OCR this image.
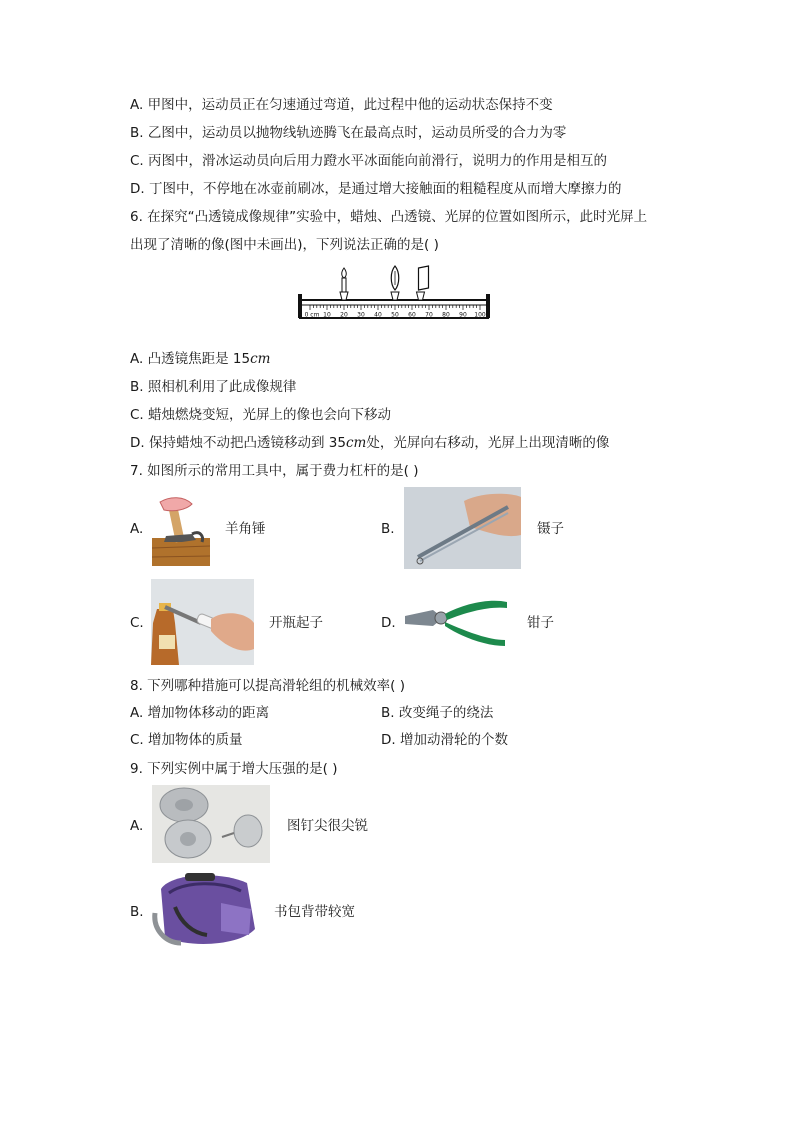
A. 甲图中，运动员正在匀速通过弯道，此过程中他的运动状态保持不变
B. 乙图中，运动员以抛物线轨迹腾飞在最高点时，运动员所受的合力为零
C. 丙图中，滑冰运动员向后用力蹬水平冰面能向前滑行，说明力的作用是相互的
D. 丁图中，不停地在冰壶前刷冰，是通过增大接触面的粗糙程度从而增大摩擦力的
6. 在探究“凸透镜成像规律”实验中，蜡烛、凸透镜、光屏的位置如图所示，此时光屏上
出现了清晰的像(图中未画出)，下列说法正确的是( )
0 cm 10 20 30 40 50 60 70 80 90 100
A. 凸透镜焦距是 15cm
B. 照相机利用了此成像规律
C. 蜡烛燃烧变短，光屏上的像也会向下移动
D. 保持蜡烛不动把凸透镜移动到 35cm处，光屏向右移动，光屏上出现清晰的像
7. 如图所示的常用工具中，属于费力杠杆的是( )
A.	羊角锤	B.	镊子
C.	开瓶起子	D.	钳子
8. 下列哪种措施可以提高滑轮组的机械效率( )
A. 增加物体移动的距离	B. 改变绳子的绕法
C. 增加物体的质量	D. 增加动滑轮的个数
9. 下列实例中属于增大压强的是( )
A.	图钉尖很尖锐
B.	书包背带较宽
